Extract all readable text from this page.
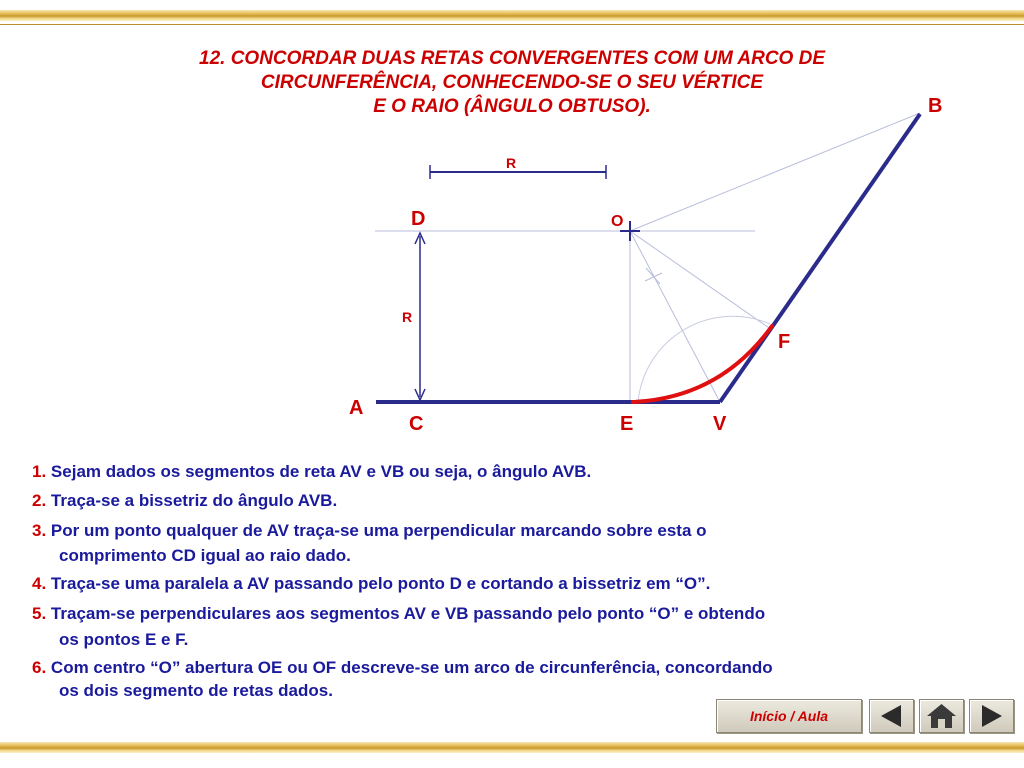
12. CONCORDAR DUAS RETAS CONVERGENTES COM UM ARCO DE

CIRCUNFERÊNCIA, CONHECENDO-SE O SEU VÉRTICE

E O RAIO (ÂNGULO OBTUSO).

A
B
C
D
E
F
O
V
R
R
1. Sejam dados os segmentos de reta AV e VB ou seja, o ângulo AVB.
2. Traça-se a bissetriz do ângulo AVB.
3. Por um ponto qualquer de AV traça-se uma perpendicular marcando sobre esta o
comprimento CD igual ao raio dado.
4. Traça-se uma paralela a AV passando pelo ponto D e cortando a bissetriz em “O”.
5. Traçam-se perpendiculares aos segmentos AV e VB passando pelo ponto “O” e obtendo
os pontos E e F.
6. Com centro “O” abertura OE ou OF descreve-se um arco de circunferência, concordando
os dois segmento de retas dados.
Início / Aula
